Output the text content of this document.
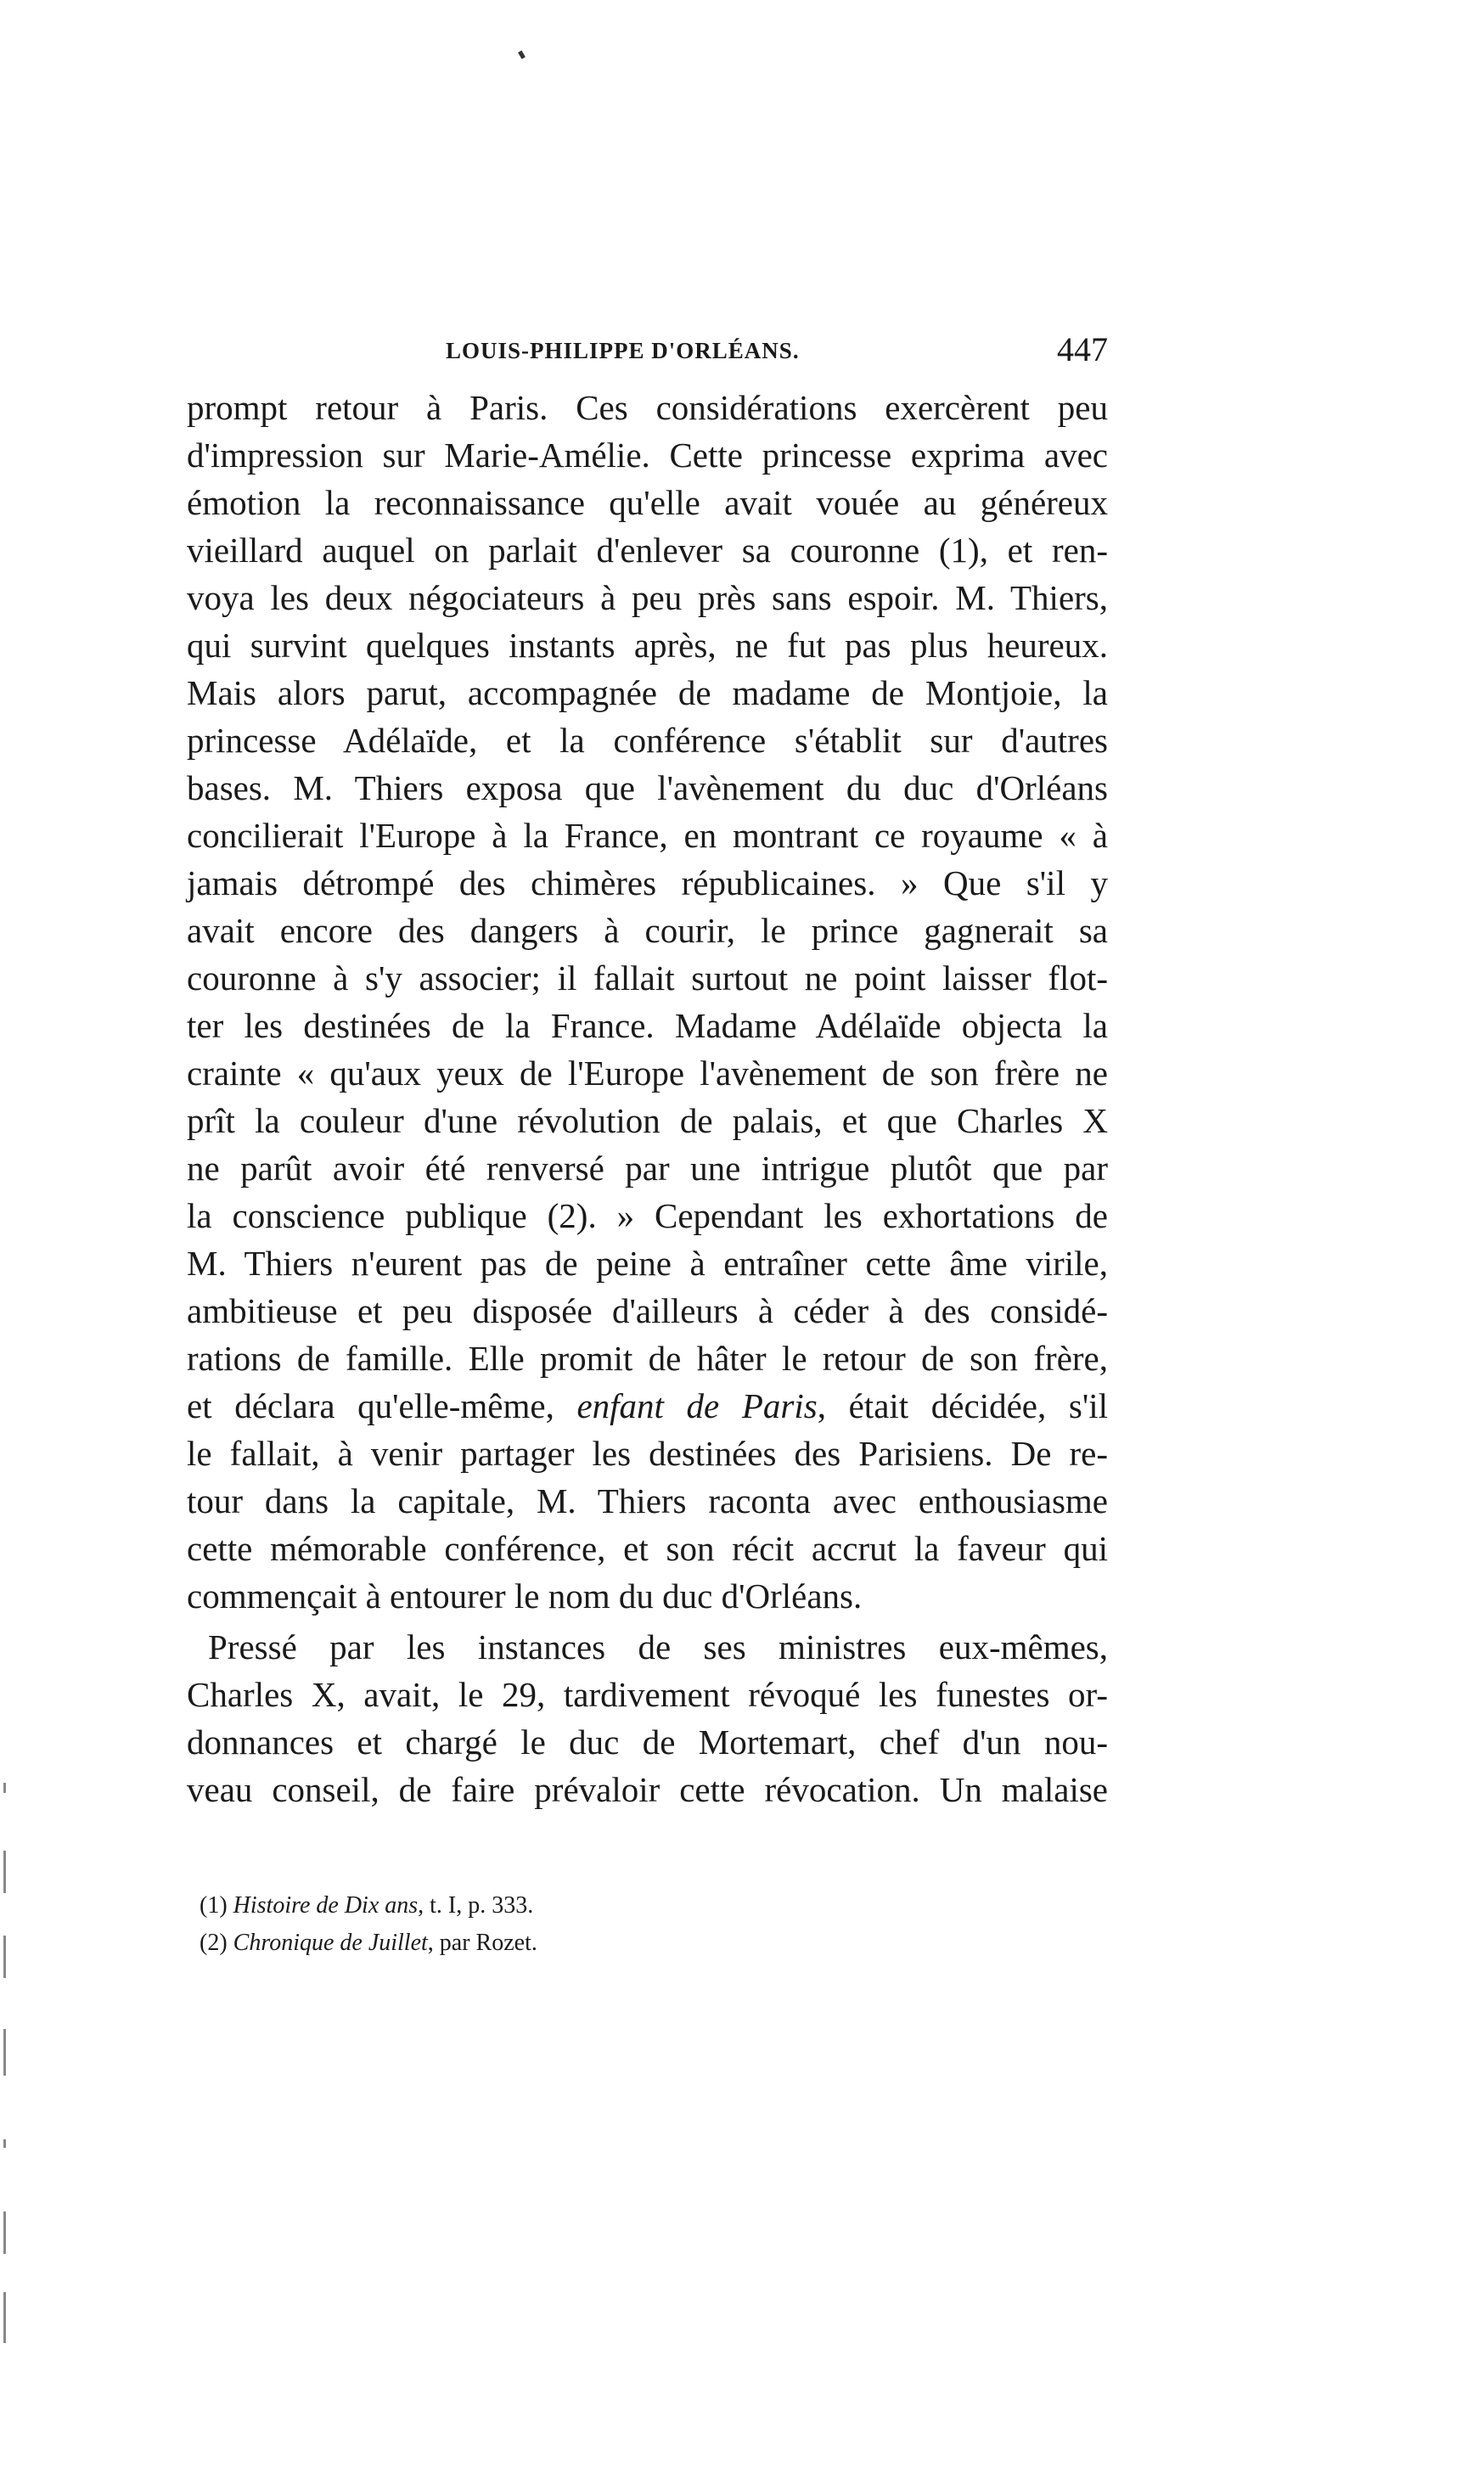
LOUIS-PHILIPPE D'ORLÉANS.	447
prompt retour à Paris. Ces considérations exercèrent peu
d'impression sur Marie-Amélie. Cette princesse exprima avec
émotion la reconnaissance qu'elle avait vouée au généreux
vieillard auquel on parlait d'enlever sa couronne (1), et ren-
voya les deux négociateurs à peu près sans espoir. M. Thiers,
qui survint quelques instants après, ne fut pas plus heureux.
Mais alors parut, accompagnée de madame de Montjoie, la
princesse Adélaïde, et la conférence s'établit sur d'autres
bases. M. Thiers exposa que l'avènement du duc d'Orléans
concilierait l'Europe à la France, en montrant ce royaume « à
jamais détrompé des chimères républicaines. » Que s'il y
avait encore des dangers à courir, le prince gagnerait sa
couronne à s'y associer; il fallait surtout ne point laisser flot-
ter les destinées de la France. Madame Adélaïde objecta la
crainte « qu'aux yeux de l'Europe l'avènement de son frère ne
prît la couleur d'une révolution de palais, et que Charles X
ne parût avoir été renversé par une intrigue plutôt que par
la conscience publique (2). » Cependant les exhortations de
M. Thiers n'eurent pas de peine à entraîner cette âme virile,
ambitieuse et peu disposée d'ailleurs à céder à des considé-
rations de famille. Elle promit de hâter le retour de son frère,
et déclara qu'elle-même, enfant de Paris, était décidée, s'il
le fallait, à venir partager les destinées des Parisiens. De re-
tour dans la capitale, M. Thiers raconta avec enthousiasme
cette mémorable conférence, et son récit accrut la faveur qui
commençait à entourer le nom du duc d'Orléans.
Pressé par les instances de ses ministres eux-mêmes,
Charles X, avait, le 29, tardivement révoqué les funestes or-
donnances et chargé le duc de Mortemart, chef d'un nou-
veau conseil, de faire prévaloir cette révocation. Un malaise
(1) Histoire de Dix ans, t. I, p. 333.
(2) Chronique de Juillet, par Rozet.
